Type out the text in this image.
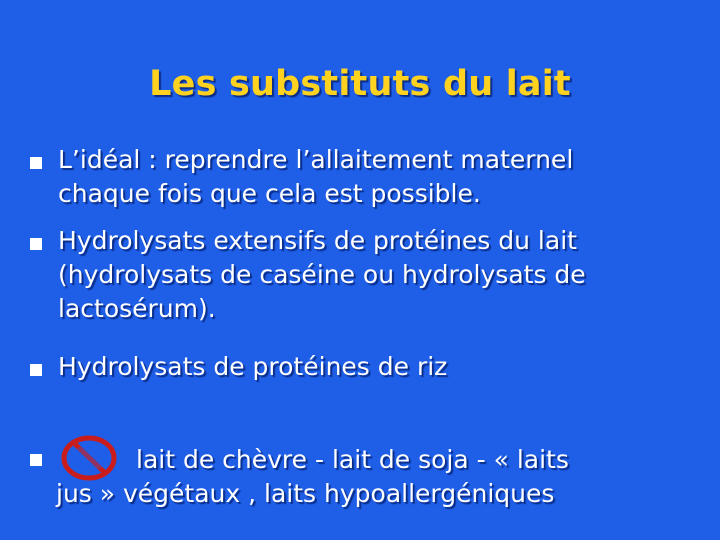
Les substituts du lait
L’idéal : reprendre l’allaitement maternel
chaque fois que cela est possible.
Hydrolysats extensifs de protéines du lait
(hydrolysats de caséine ou hydrolysats de
lactosérum).
Hydrolysats de protéines de riz
lait de chèvre - lait de soja - « laits
jus » végétaux , laits hypoallergéniques
